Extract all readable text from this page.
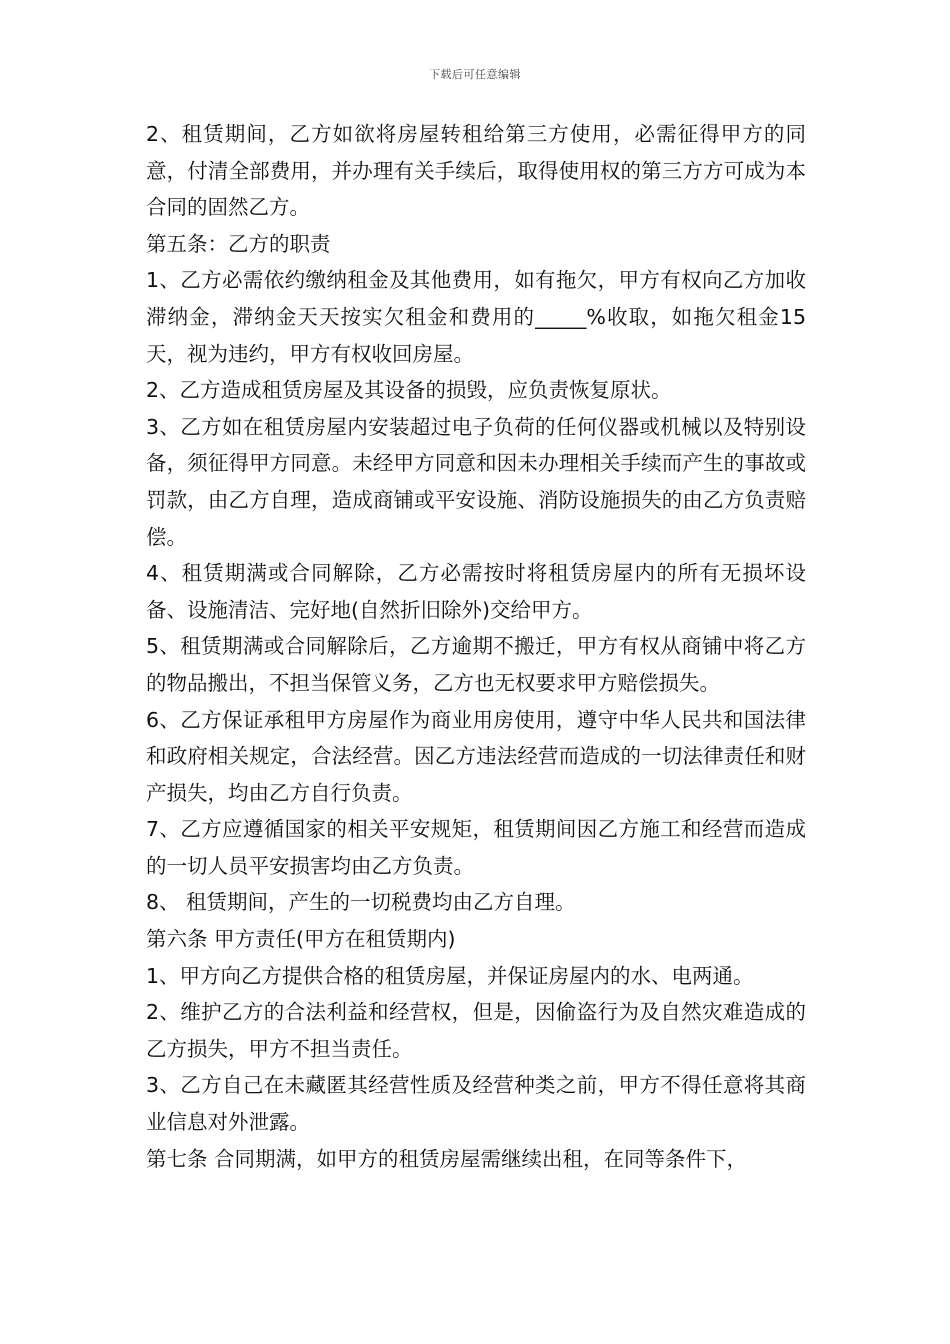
下载后可任意编辑

2、租赁期间，乙方如欲将房屋转租给第三方使用，必需征得甲方的同意，付清全部费用，并办理有关手续后，取得使用权的第三方方可成为本合同的固然乙方。

第五条：乙方的职责

1、乙方必需依约缴纳租金及其他费用，如有拖欠，甲方有权向乙方加收滞纳金，滞纳金天天按实欠租金和费用的_____%收取，如拖欠租金15天，视为违约，甲方有权收回房屋。

2、乙方造成租赁房屋及其设备的损毁，应负责恢复原状。

3、乙方如在租赁房屋内安装超过电子负荷的任何仪器或机械以及特别设备，须征得甲方同意。未经甲方同意和因未办理相关手续而产生的事故或罚款，由乙方自理，造成商铺或平安设施、消防设施损失的由乙方负责赔偿。

4、租赁期满或合同解除，乙方必需按时将租赁房屋内的所有无损坏设备、设施清洁、完好地(自然折旧除外)交给甲方。

5、租赁期满或合同解除后，乙方逾期不搬迁，甲方有权从商铺中将乙方的物品搬出，不担当保管义务，乙方也无权要求甲方赔偿损失。

6、乙方保证承租甲方房屋作为商业用房使用，遵守中华人民共和国法律和政府相关规定，合法经营。因乙方违法经营而造成的一切法律责任和财产损失，均由乙方自行负责。

7、乙方应遵循国家的相关平安规矩，租赁期间因乙方施工和经营而造成的一切人员平安损害均由乙方负责。

8、 租赁期间，产生的一切税费均由乙方自理。

第六条 甲方责任(甲方在租赁期内)

1、甲方向乙方提供合格的租赁房屋，并保证房屋内的水、电两通。

2、维护乙方的合法利益和经营权，但是，因偷盗行为及自然灾难造成的乙方损失，甲方不担当责任。

3、乙方自己在未藏匿其经营性质及经营种类之前，甲方不得任意将其商业信息对外泄露。

第七条 合同期满，如甲方的租赁房屋需继续出租，在同等条件下，
